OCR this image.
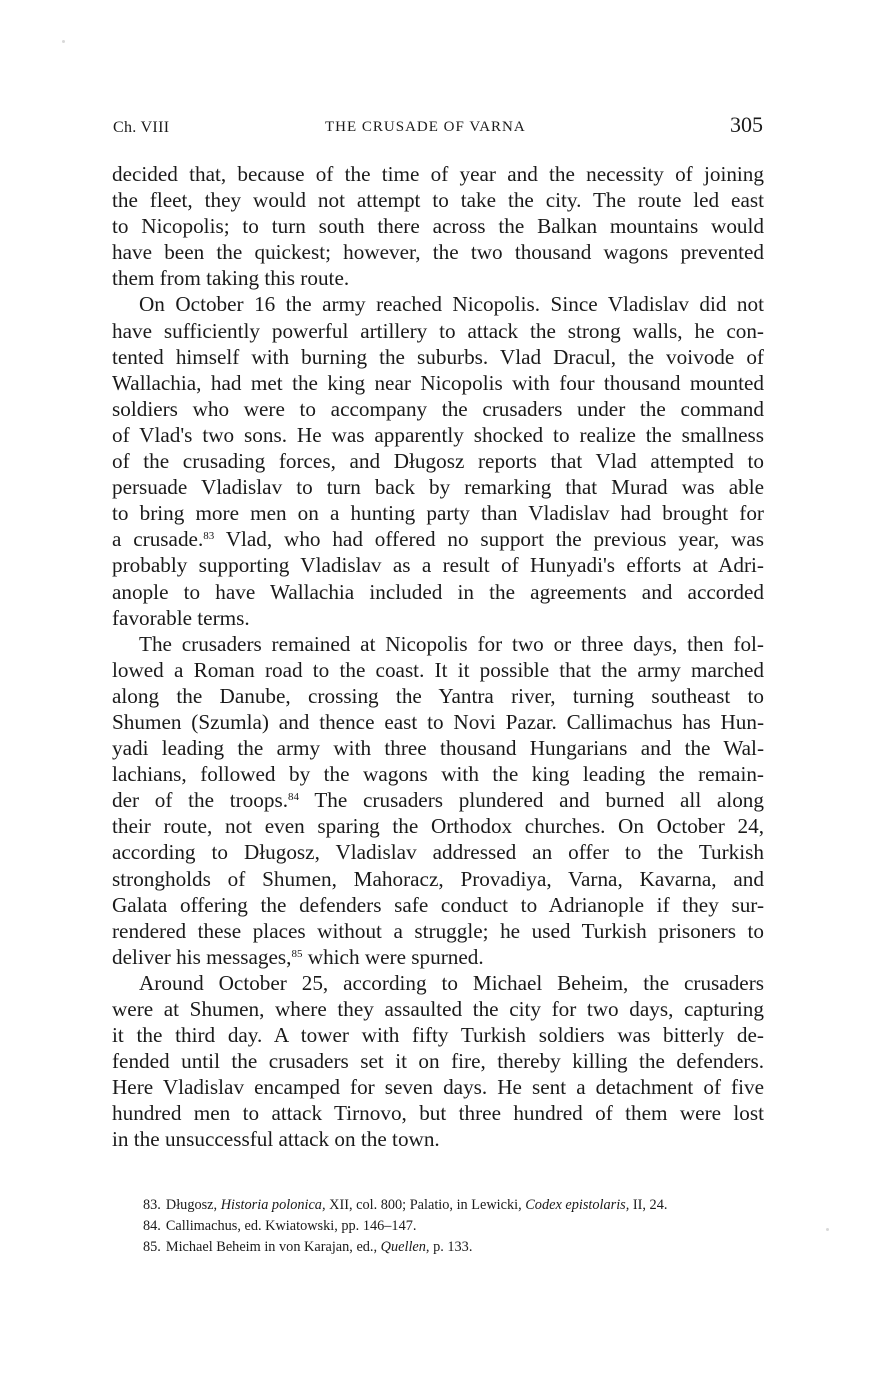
Ch. VIII	THE CRUSADE OF VARNA	305

decided that, because of the time of year and the necessity of joining
the fleet, they would not attempt to take the city. The route led east
to Nicopolis; to turn south there across the Balkan mountains would
have been the quickest; however, the two thousand wagons prevented
them from taking this route.

On October 16 the army reached Nicopolis. Since Vladislav did not
have sufficiently powerful artillery to attack the strong walls, he con-
tented himself with burning the suburbs. Vlad Dracul, the voivode of
Wallachia, had met the king near Nicopolis with four thousand mounted
soldiers who were to accompany the crusaders under the command
of Vlad's two sons. He was apparently shocked to realize the smallness
of the crusading forces, and Długosz reports that Vlad attempted to
persuade Vladislav to turn back by remarking that Murad was able
to bring more men on a hunting party than Vladislav had brought for
a crusade.$^{83}$ Vlad, who had offered no support the previous year, was
probably supporting Vladislav as a result of Hunyadi's efforts at Adri-
anople to have Wallachia included in the agreements and accorded
favorable terms.

The crusaders remained at Nicopolis for two or three days, then fol-
lowed a Roman road to the coast. It it possible that the army marched
along the Danube, crossing the Yantra river, turning southeast to
Shumen (Szumla) and thence east to Novi Pazar. Callimachus has Hun-
yadi leading the army with three thousand Hungarians and the Wal-
lachians, followed by the wagons with the king leading the remain-
der of the troops.$^{84}$ The crusaders plundered and burned all along
their route, not even sparing the Orthodox churches. On October 24,
according to Długosz, Vladislav addressed an offer to the Turkish
strongholds of Shumen, Mahoracz, Provadiya, Varna, Kavarna, and
Galata offering the defenders safe conduct to Adrianople if they sur-
rendered these places without a struggle; he used Turkish prisoners to
deliver his messages,$^{85}$ which were spurned.

Around October 25, according to Michael Beheim, the crusaders
were at Shumen, where they assaulted the city for two days, capturing
it the third day. A tower with fifty Turkish soldiers was bitterly de-
fended until the crusaders set it on fire, thereby killing the defenders.
Here Vladislav encamped for seven days. He sent a detachment of five
hundred men to attack Tirnovo, but three hundred of them were lost
in the unsuccessful attack on the town.

83. Długosz, Historia polonica, XII, col. 800; Palatio, in Lewicki, Codex epistolaris, II, 24.
84. Callimachus, ed. Kwiatowski, pp. 146–147.
85. Michael Beheim in von Karajan, ed., Quellen, p. 133.
